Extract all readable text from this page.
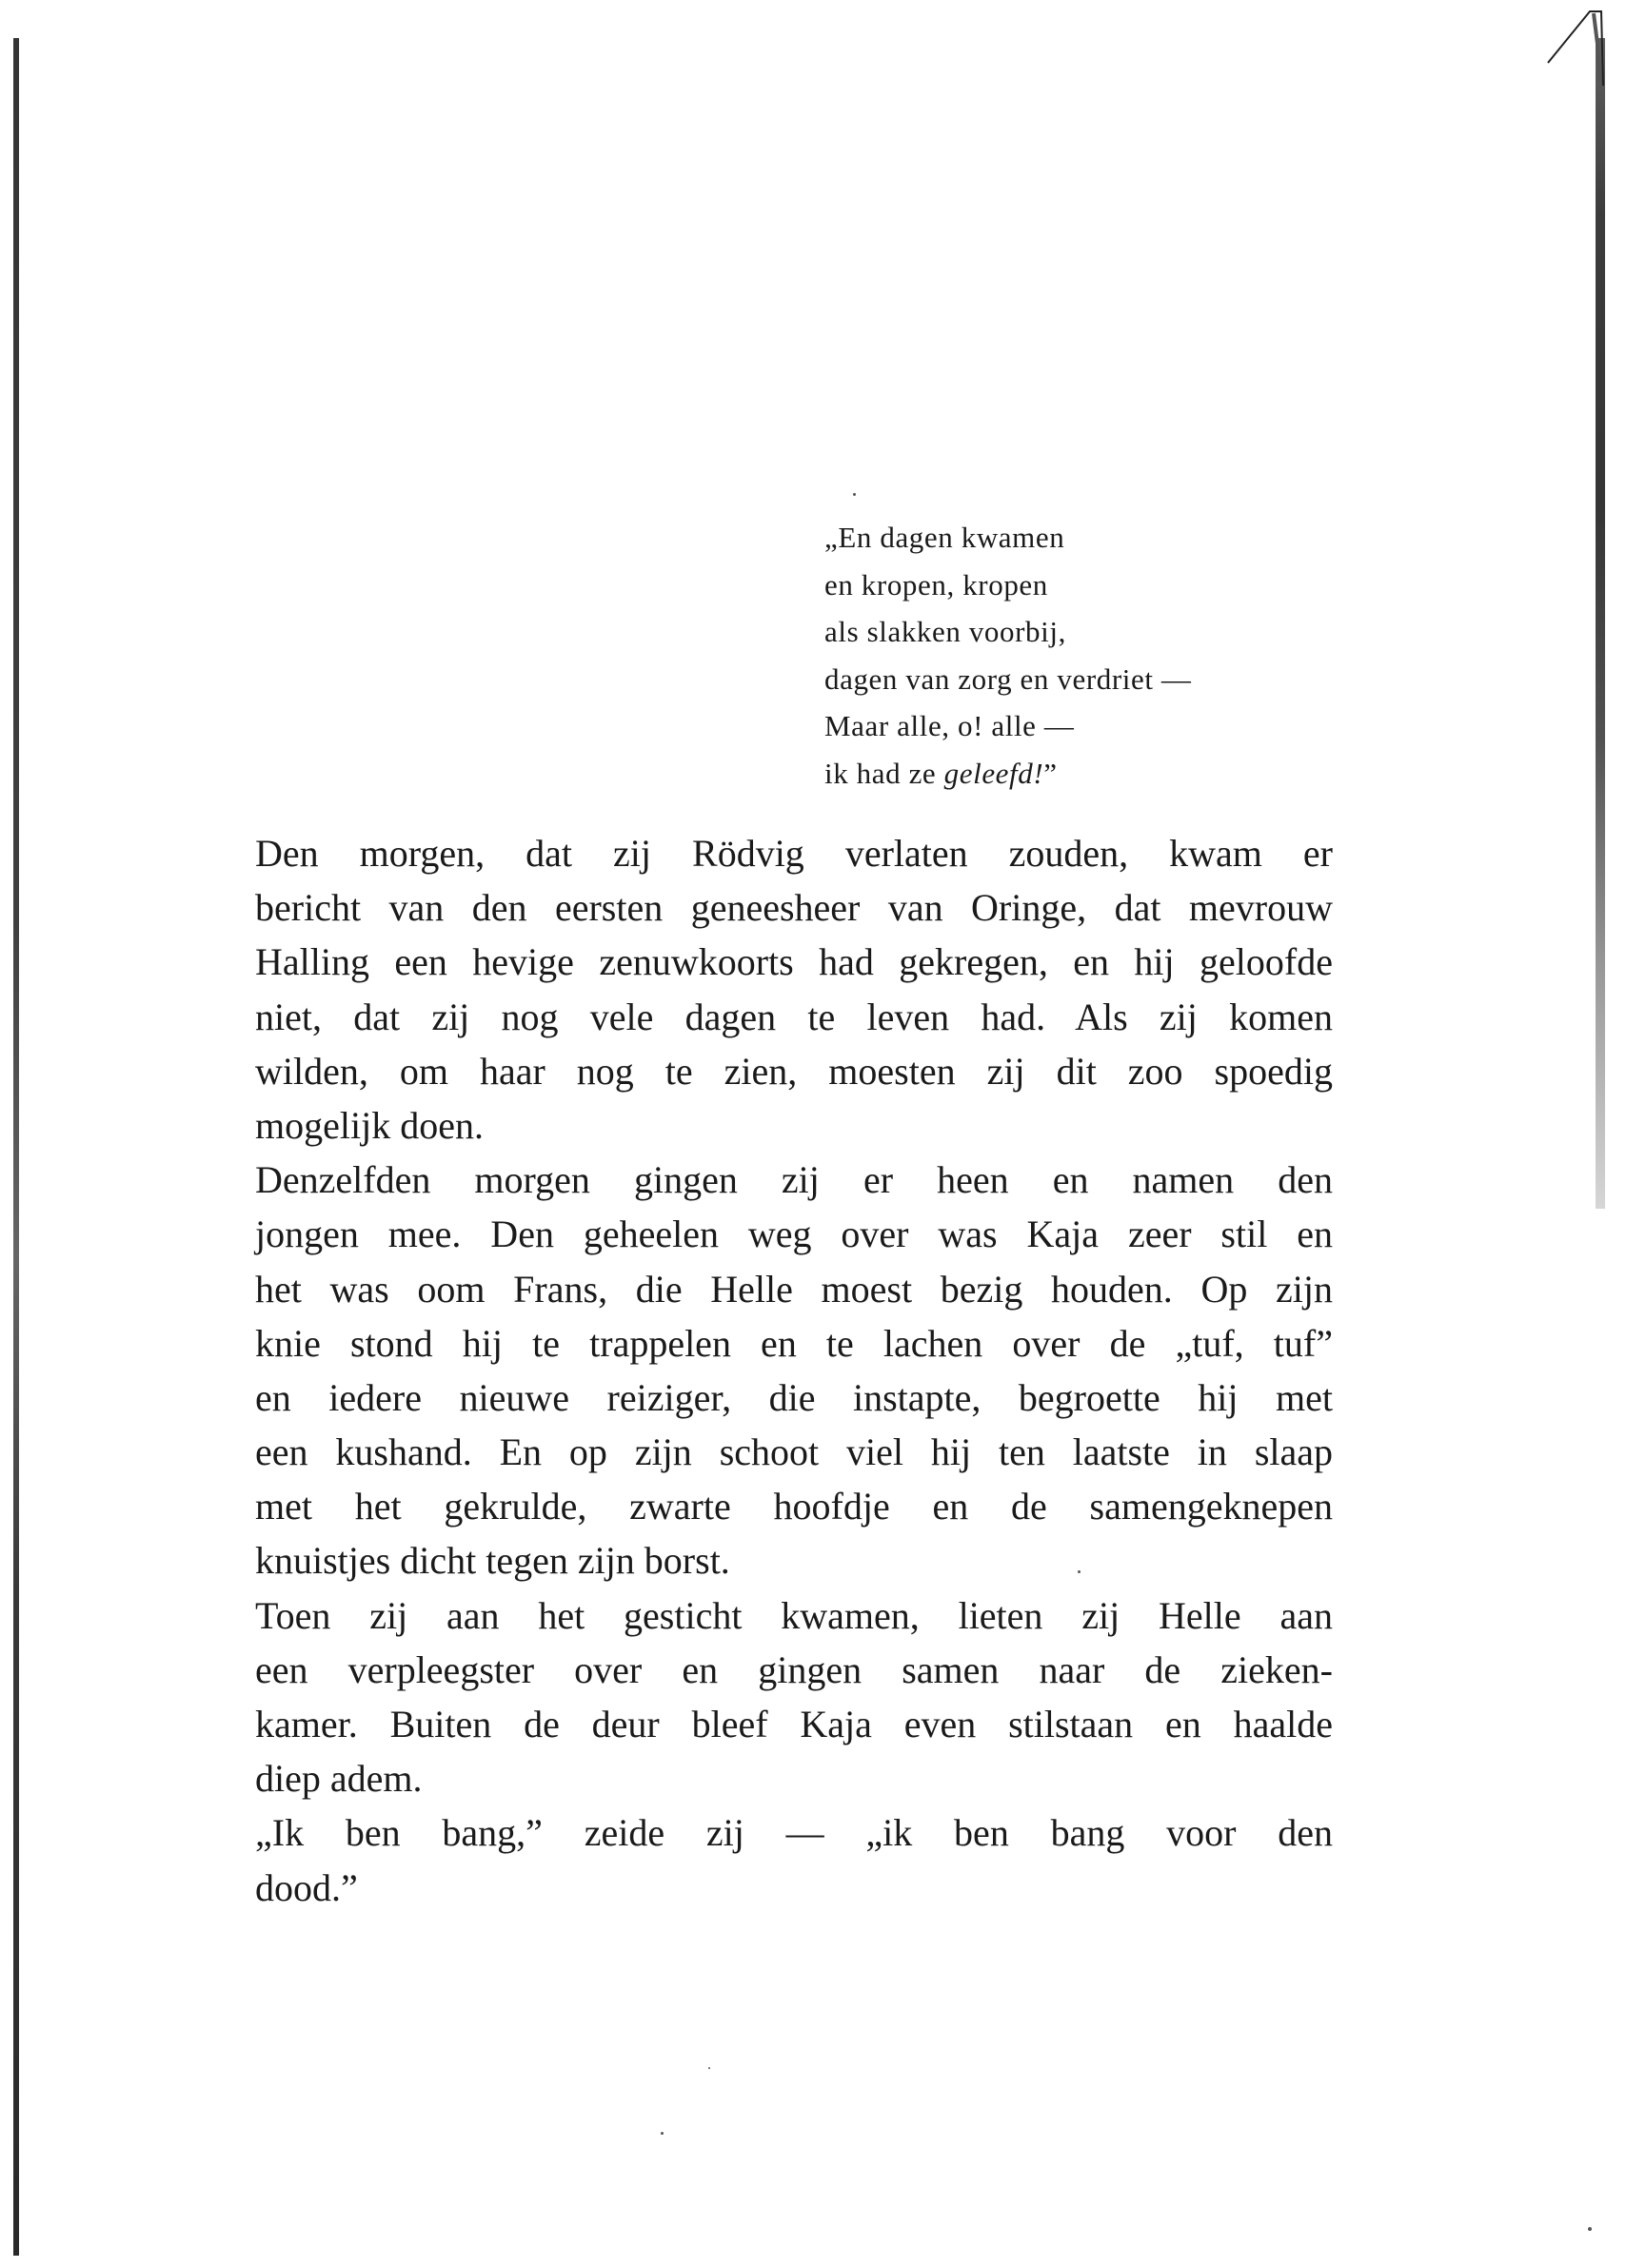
„En dagen kwamen
en kropen, kropen
als slakken voorbij,
dagen van zorg en verdriet —
Maar alle, o! alle —
ik had ze geleefd!”
Den morgen, dat zij Rödvig verlaten zouden, kwam er
bericht van den eersten geneesheer van Oringe, dat mevrouw
Halling een hevige zenuwkoorts had gekregen, en hij geloofde
niet, dat zij nog vele dagen te leven had. Als zij komen
wilden, om haar nog te zien, moesten zij dit zoo spoedig
mogelijk doen.
Denzelfden morgen gingen zij er heen en namen den
jongen mee. Den geheelen weg over was Kaja zeer stil en
het was oom Frans, die Helle moest bezig houden. Op zijn
knie stond hij te trappelen en te lachen over de „tuf, tuf”
en iedere nieuwe reiziger, die instapte, begroette hij met
een kushand. En op zijn schoot viel hij ten laatste in slaap
met het gekrulde, zwarte hoofdje en de samengeknepen
knuistjes dicht tegen zijn borst.
Toen zij aan het gesticht kwamen, lieten zij Helle aan
een verpleegster over en gingen samen naar de zieken-
kamer. Buiten de deur bleef Kaja even stilstaan en haalde
diep adem.
„Ik ben bang,” zeide zij — „ik ben bang voor den
dood.”
